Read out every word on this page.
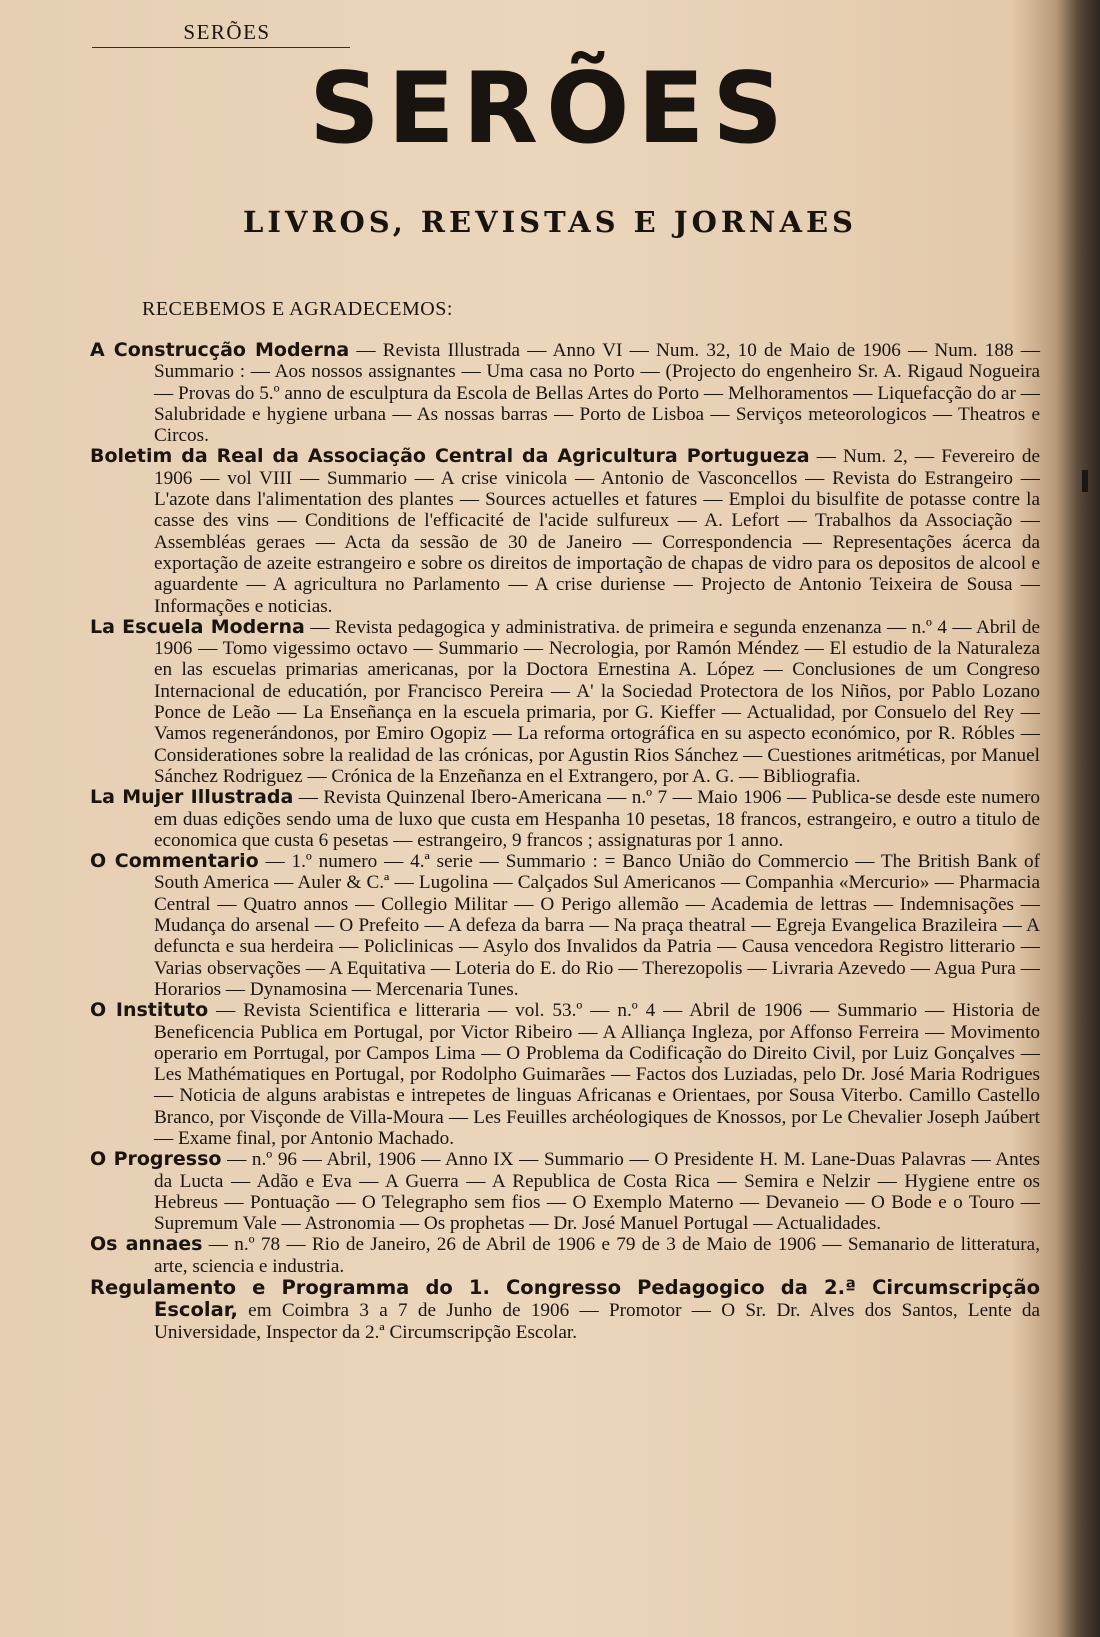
SERÕES
SERÕES
LIVROS, REVISTAS E JORNAES
RECEBEMOS E AGRADECEMOS:

A Construcção Moderna — Revista Illustrada — Anno VI — Num. 32, 10 de Maio de 1906 — Num. 188 — Summario : — Aos nossos assignantes — Uma casa no Porto — (Projecto do engenheiro Sr. A. Rigaud Nogueira — Provas do 5.º anno de esculptura da Escola de Bellas Artes do Porto — Melhoramentos — Liquefacção do ar — Salubridade e hygiene urbana — As nossas barras — Porto de Lisboa — Serviços meteorologicos — Theatros e Circos.

Boletim da Real da Associação Central da Agricultura Portugueza — Num. 2, — Fevereiro de 1906 — vol VIII — Summario — A crise vinicola — Antonio de Vasconcellos — Revista do Estrangeiro — L'azote dans l'alimentation des plantes — Sources actuelles et fatures — Emploi du bisulfite de potasse contre la casse des vins — Conditions de l'efficacité de l'acide sulfureux — A. Lefort — Trabalhos da Associação — Assembléas geraes — Acta da sessão de 30 de Janeiro — Correspondencia — Representações ácerca da exportação de azeite estrangeiro e sobre os direitos de importação de chapas de vidro para os depositos de alcool e aguardente — A agricultura no Parlamento — A crise duriense — Projecto de Antonio Teixeira de Sousa — Informações e noticias.

La Escuela Moderna — Revista pedagogica y administrativa. de primeira e segunda enzenanza — n.º 4 — Abril de 1906 — Tomo vigessimo octavo — Summario — Necrologia, por Ramón Méndez — El estudio de la Naturaleza en las escuelas primarias americanas, por la Doctora Ernestina A. López — Conclusiones de um Congreso Internacional de educatión, por Francisco Pereira — A' la Sociedad Protectora de los Niños, por Pablo Lozano Ponce de Leão — La Enseñança en la escuela primaria, por G. Kieffer — Actualidad, por Consuelo del Rey — Vamos regenerándonos, por Emiro Ogopiz — La reforma ortográfica en su aspecto económico, por R. Róbles — Considerationes sobre la realidad de las crónicas, por Agustin Rios Sánchez — Cuestiones aritméticas, por Manuel Sánchez Rodriguez — Crónica de la Enzeñanza en el Extrangero, por A. G. — Bibliografia.

La Mujer Illustrada — Revista Quinzenal Ibero-Americana — n.º 7 — Maio 1906 — Publica-se desde este numero em duas edições sendo uma de luxo que custa em Hespanha 10 pesetas, 18 francos, estrangeiro, e outro a titulo de economica que custa 6 pesetas — estrangeiro, 9 francos ; assignaturas por 1 anno.

O Commentario — 1.º numero — 4.ª serie — Summario : = Banco União do Commercio — The British Bank of South America — Auler & C.ª — Lugolina — Calçados Sul Americanos — Companhia «Mercurio» — Pharmacia Central — Quatro annos — Collegio Militar — O Perigo allemão — Academia de lettras — Indemnisações — Mudança do arsenal — O Prefeito — A defeza da barra — Na praça theatral — Egreja Evangelica Brazileira — A defuncta e sua herdeira — Policlinicas — Asylo dos Invalidos da Patria — Causa vencedora Registro litterario — Varias observações — A Equitativa — Loteria do E. do Rio — Therezopolis — Livraria Azevedo — Agua Pura — Horarios — Dynamosina — Mercenaria Tunes.

O Instituto — Revista Scientifica e litteraria — vol. 53.º — n.º 4 — Abril de 1906 — Summario — Historia de Beneficencia Publica em Portugal, por Victor Ribeiro — A Alliança Ingleza, por Affonso Ferreira — Movimento operario em Porrtugal, por Campos Lima — O Problema da Codificação do Direito Civil, por Luiz Gonçalves — Les Mathématiques en Portugal, por Rodolpho Guimarães — Factos dos Luziadas, pelo Dr. José Maria Rodrigues — Noticia de alguns arabistas e intrepetes de linguas Africanas e Orientaes, por Sousa Viterbo. Camillo Castello Branco, por Visçonde de Villa-Moura — Les Feuilles archéologiques de Knossos, por Le Chevalier Joseph Jaúbert — Exame final, por Antonio Machado.

O Progresso — n.º 96 — Abril, 1906 — Anno IX — Summario — O Presidente H. M. Lane-Duas Palavras — Antes da Lucta — Adão e Eva — A Guerra — A Republica de Costa Rica — Semira e Nelzir — Hygiene entre os Hebreus — Pontuação — O Telegrapho sem fios — O Exemplo Materno — Devaneio — O Bode e o Touro — Supremum Vale — Astronomia — Os prophetas — Dr. José Manuel Portugal — Actualidades.

Os annaes — n.º 78 — Rio de Janeiro, 26 de Abril de 1906 e 79 de 3 de Maio de 1906 — Semanario de litteratura, arte, sciencia e industria.

Regulamento e Programma do 1. Congresso Pedagogico da 2.ª Circumscripção Escolar, em Coimbra 3 a 7 de Junho de 1906 — Promotor — O Sr. Dr. Alves dos Santos, Lente da Universidade, Inspector da 2.ª Circumscripção Escolar.
